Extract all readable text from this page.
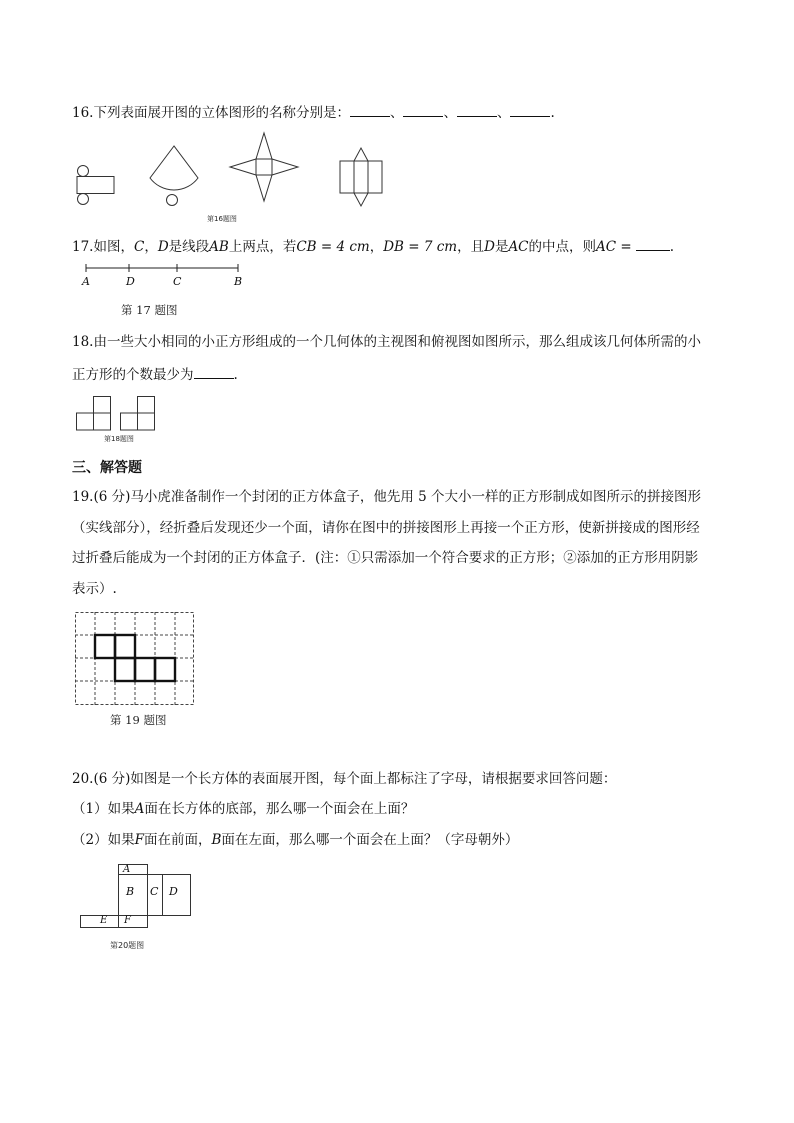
16.下列表面展开图的立体图形的名称分别是：	、	、	、	.
第16题图
17.如图，C，D是线段AB上两点，若CB = 4 cm，DB = 7 cm，且D是AC的中点，则AC =	.
A	D	C	B
第 17 题图
18.由一些大小相同的小正方形组成的一个几何体的主视图和俯视图如图所示，那么组成该几何体所需的小
正方形的个数最少为	.
第18题图
三、解答题
19.(6 分)马小虎准备制作一个封闭的正方体盒子，他先用 5 个大小一样的正方形制成如图所示的拼接图形
（实线部分），经折叠后发现还少一个面，请你在图中的拼接图形上再接一个正方形，使新拼接成的图形经
过折叠后能成为一个封闭的正方体盒子．(注：①只需添加一个符合要求的正方形；②添加的正方形用阴影
表示）.
第 19 题图
20.(6 分)如图是一个长方体的表面展开图，每个面上都标注了字母，请根据要求回答问题：
（1）如果A面在长方体的底部，那么哪一个面会在上面？
（2）如果F面在前面，B面在左面，那么哪一个面会在上面？（字母朝外）
A
B C D
E F
第20题图
